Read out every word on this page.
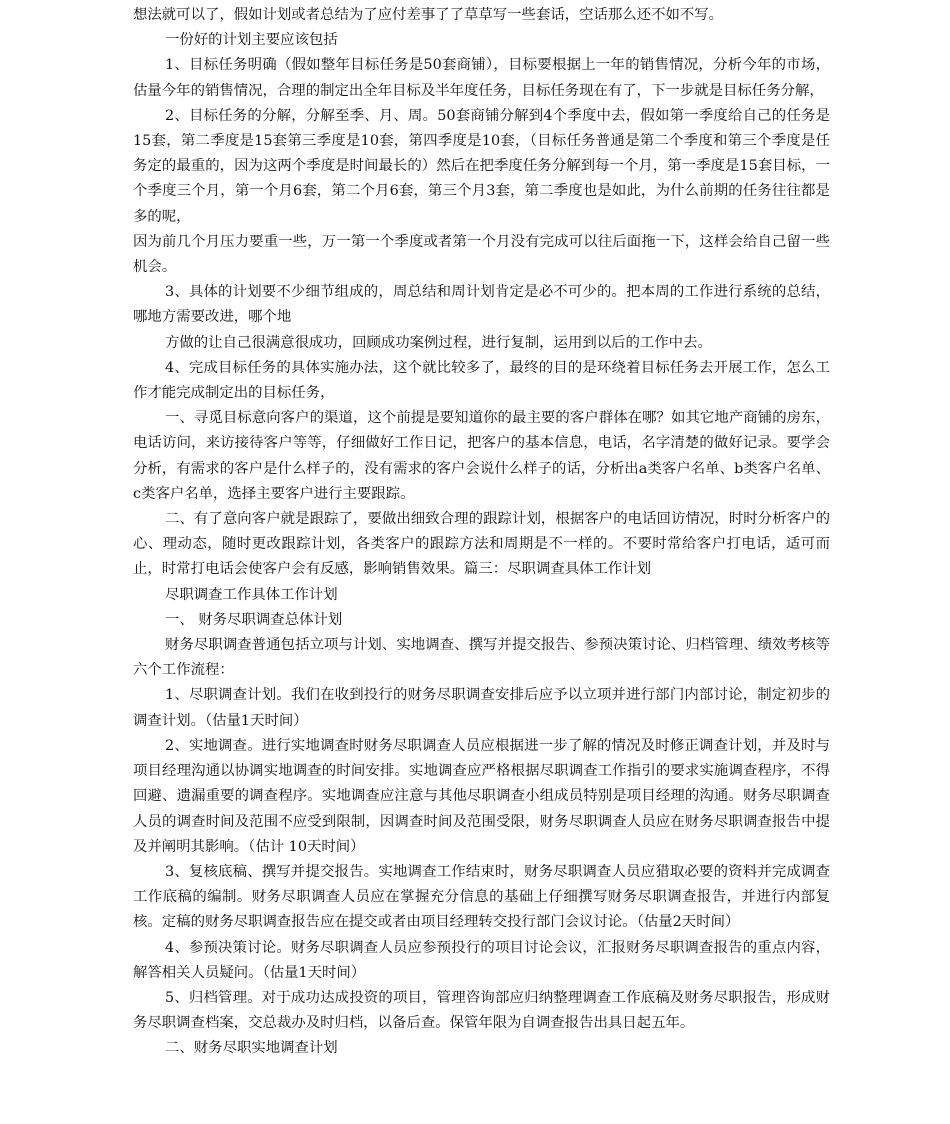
想法就可以了，假如计划或者总结为了应付差事了了草草写一些套话，空话那么还不如不写。

一份好的计划主要应该包括

1、目标任务明确（假如整年目标任务是50套商铺），目标要根据上一年的销售情况，分析今年的市场，估量今年的销售情况，合理的制定出全年目标及半年度任务，目标任务现在有了，下一步就是目标任务分解，

2、目标任务的分解，分解至季、月、周。50套商铺分解到4个季度中去，假如第一季度给自己的任务是15套，第二季度是15套第三季度是10套，第四季度是10套，（目标任务普通是第二个季度和第三个季度是任务定的最重的，因为这两个季度是时间最长的）然后在把季度任务分解到每一个月，第一季度是15套目标，一个季度三个月，第一个月6套，第二个月6套，第三个月3套，第二季度也是如此，为什么前期的任务往往都是多的呢，

因为前几个月压力要重一些，万一第一个季度或者第一个月没有完成可以往后面拖一下，这样会给自己留一些机会。

3、具体的计划要不少细节组成的，周总结和周计划肯定是必不可少的。把本周的工作进行系统的总结，哪地方需要改进，哪个地

方做的让自己很满意很成功，回顾成功案例过程，进行复制，运用到以后的工作中去。

4、完成目标任务的具体实施办法，这个就比较多了，最终的目的是环绕着目标任务去开展工作，怎么工作才能完成制定出的目标任务，

一、寻觅目标意向客户的渠道，这个前提是要知道你的最主要的客户群体在哪？如其它地产商铺的房东，电话访问，来访接待客户等等，仔细做好工作日记，把客户的基本信息，电话，名字清楚的做好记录。要学会分析，有需求的客户是什么样子的，没有需求的客户会说什么样子的话，分析出a类客户名单、b类客户名单、c类客户名单，选择主要客户进行主要跟踪。

二、有了意向客户就是跟踪了，要做出细致合理的跟踪计划，根据客户的电话回访情况，时时分析客户的心、理动态，随时更改跟踪计划，各类客户的跟踪方法和周期是不一样的。不要时常给客户打电话，适可而止，时常打电话会使客户会有反感，影响销售效果。篇三：尽职调查具体工作计划

尽职调查工作具体工作计划

一、 财务尽职调查总体计划

财务尽职调查普通包括立项与计划、实地调查、撰写并提交报告、参预决策讨论、归档管理、绩效考核等六个工作流程：

1、尽职调查计划。我们在收到投行的财务尽职调查安排后应予以立项并进行部门内部讨论，制定初步的调查计划。（估量1天时间）

2、实地调查。进行实地调查时财务尽职调查人员应根据进一步了解的情况及时修正调查计划，并及时与项目经理沟通以协调实地调查的时间安排。实地调查应严格根据尽职调查工作指引的要求实施调查程序，不得回避、遗漏重要的调查程序。实地调查应注意与其他尽职调查小组成员特别是项目经理的沟通。财务尽职调查人员的调查时间及范围不应受到限制，因调查时间及范围受限，财务尽职调查人员应在财务尽职调查报告中提及并阐明其影响。（估计 10天时间）

3、复核底稿、撰写并提交报告。实地调查工作结束时，财务尽职调查人员应猎取必要的资料并完成调查工作底稿的编制。财务尽职调查人员应在掌握充分信息的基础上仔细撰写财务尽职调查报告，并进行内部复核。定稿的财务尽职调查报告应在提交或者由项目经理转交投行部门会议讨论。（估量2天时间）

4、参预决策讨论。财务尽职调查人员应参预投行的项目讨论会议，汇报财务尽职调查报告的重点内容，解答相关人员疑问。（估量1天时间）

5、归档管理。对于成功达成投资的项目，管理咨询部应归纳整理调查工作底稿及财务尽职报告，形成财务尽职调查档案，交总裁办及时归档，以备后查。保管年限为自调查报告出具日起五年。

二、财务尽职实地调查计划
